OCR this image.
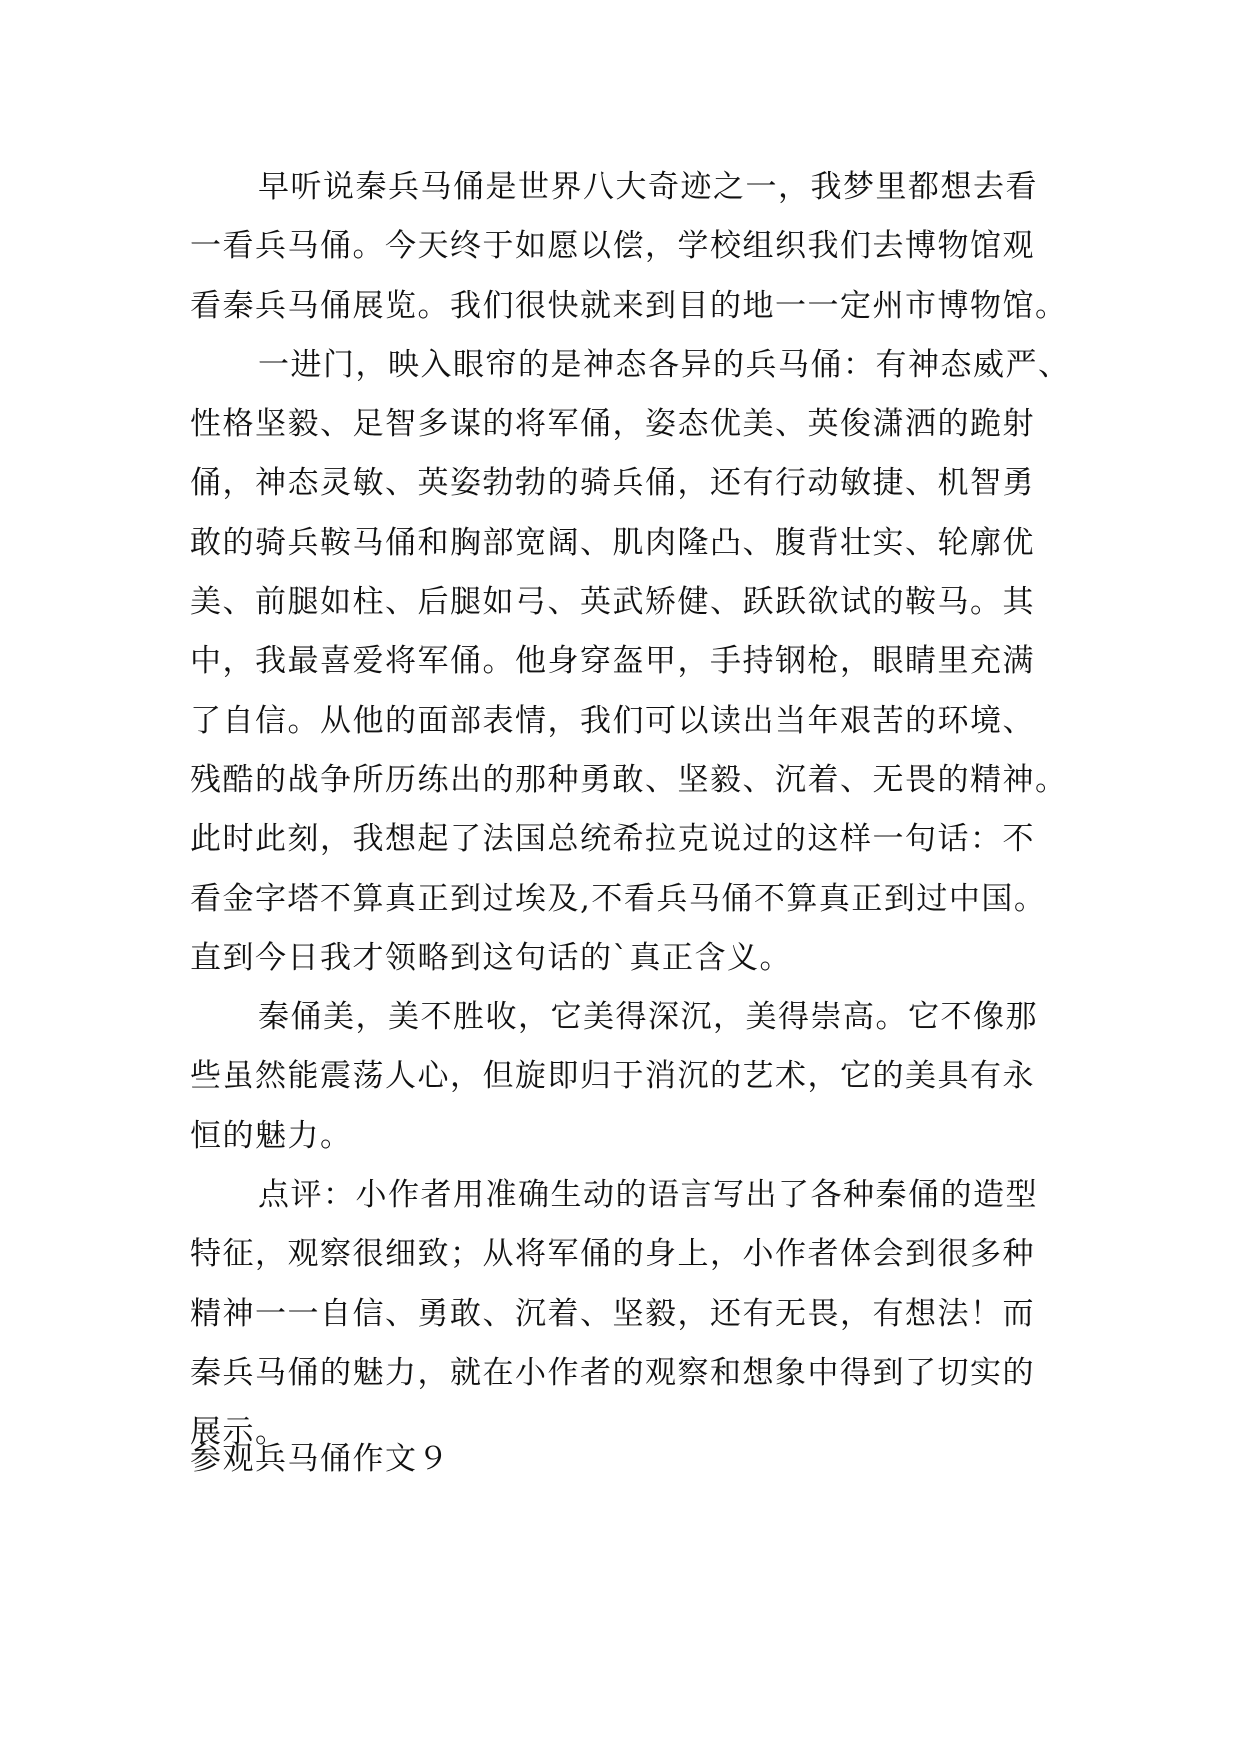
早听说秦兵马俑是世界八大奇迹之一，我梦里都想去看
一看兵马俑。今天终于如愿以偿，学校组织我们去博物馆观
看秦兵马俑展览。我们很快就来到目的地一一定州市博物馆。
一进门，映入眼帘的是神态各异的兵马俑：有神态威严、
性格坚毅、足智多谋的将军俑，姿态优美、英俊潇洒的跪射
俑，神态灵敏、英姿勃勃的骑兵俑，还有行动敏捷、机智勇
敢的骑兵鞍马俑和胸部宽阔、肌肉隆凸、腹背壮实、轮廓优
美、前腿如柱、后腿如弓、英武矫健、跃跃欲试的鞍马。其
中，我最喜爱将军俑。他身穿盔甲，手持钢枪，眼睛里充满
了自信。从他的面部表情，我们可以读出当年艰苦的环境、
残酷的战争所历练出的那种勇敢、坚毅、沉着、无畏的精神。
此时此刻，我想起了法国总统希拉克说过的这样一句话：不
看金字塔不算真正到过埃及,不看兵马俑不算真正到过中国。
直到今日我才领略到这句话的`真正含义。
秦俑美，美不胜收，它美得深沉，美得崇高。它不像那
些虽然能震荡人心，但旋即归于消沉的艺术，它的美具有永
恒的魅力。
点评：小作者用准确生动的语言写出了各种秦俑的造型
特征，观察很细致；从将军俑的身上，小作者体会到很多种
精神一一自信、勇敢、沉着、坚毅，还有无畏，有想法！而
秦兵马俑的魅力，就在小作者的观察和想象中得到了切实的
展示。
参观兵马俑作文９
